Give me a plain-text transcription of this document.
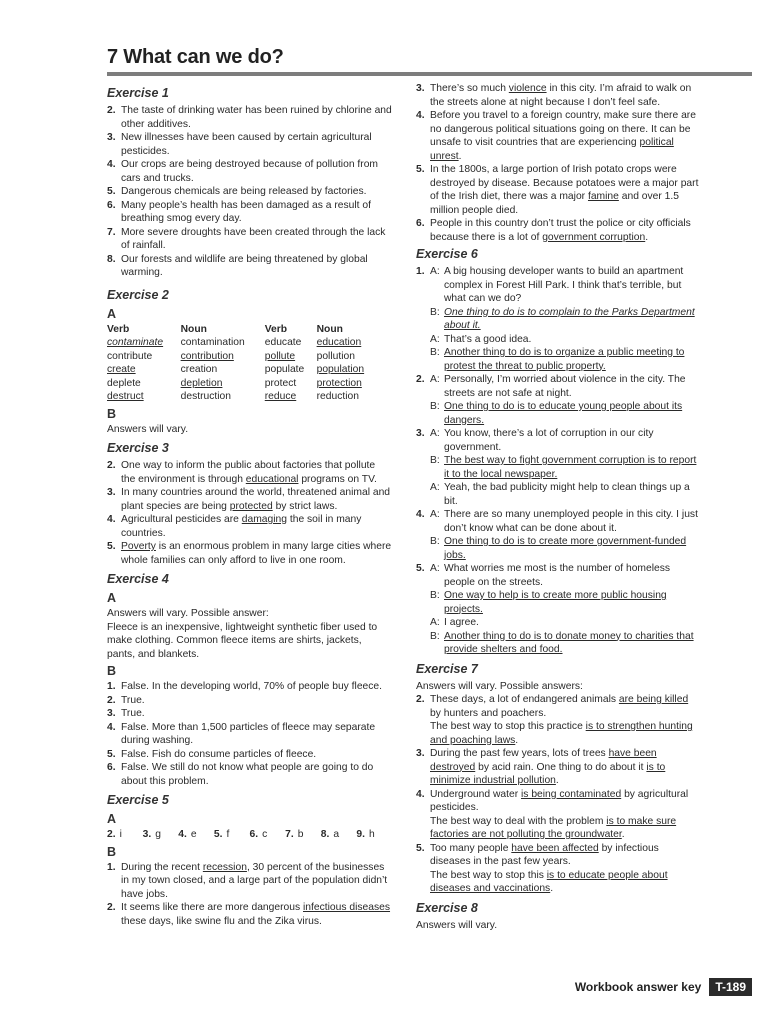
7 What can we do?
Exercise 1
2. The taste of drinking water has been ruined by chlorine and other additives.
3. New illnesses have been caused by certain agricultural pesticides.
4. Our crops are being destroyed because of pollution from cars and trucks.
5. Dangerous chemicals are being released by factories.
6. Many people’s health has been damaged as a result of breathing smog every day.
7. More severe droughts have been created through the lack of rainfall.
8. Our forests and wildlife are being threatened by global warming.
Exercise 2
A
Verb	Noun	Verb	Noun
contaminate	contamination	educate	education
contribute	contribution	pollute	pollution
create	creation	populate	population
deplete	depletion	protect	protection
destruct	destruction	reduce	reduction
B
Answers will vary.
Exercise 3
2. One way to inform the public about factories that pollute the environment is through educational programs on TV.
3. In many countries around the world, threatened animal and plant species are being protected by strict laws.
4. Agricultural pesticides are damaging the soil in many countries.
5. Poverty is an enormous problem in many large cities where whole families can only afford to live in one room.
Exercise 4
A
Answers will vary. Possible answer:
Fleece is an inexpensive, lightweight synthetic fiber used to make clothing. Common fleece items are shirts, jackets, pants, and blankets.
B
1. False. In the developing world, 70% of people buy fleece.
2. True.
3. True.
4. False. More than 1,500 particles of fleece may separate during washing.
5. False. Fish do consume particles of fleece.
6. False. We still do not know what people are going to do about this problem.
Exercise 5
A
2. i	3. g	4. e	5. f	6. c	7. b	8. a	9. h
B
1. During the recent recession, 30 percent of the businesses in my town closed, and a large part of the population didn’t have jobs.
2. It seems like there are more dangerous infectious diseases these days, like swine flu and the Zika virus.
3. There’s so much violence in this city. I’m afraid to walk on the streets alone at night because I don’t feel safe.
4. Before you travel to a foreign country, make sure there are no dangerous political situations going on there. It can be unsafe to visit countries that are experiencing political unrest.
5. In the 1800s, a large portion of Irish potato crops were destroyed by disease. Because potatoes were a major part of the Irish diet, there was a major famine and over 1.5 million people died.
6. People in this country don’t trust the police or city officials because there is a lot of government corruption.
Exercise 6
1. A: A big housing developer wants to build an apartment complex in Forest Hill Park. I think that’s terrible, but what can we do?
B: One thing to do is to complain to the Parks Department about it.
A: That’s a good idea.
B: Another thing to do is to organize a public meeting to protest the threat to public property.
2. A: Personally, I’m worried about violence in the city. The streets are not safe at night.
B: One thing to do is to educate young people about its dangers.
3. A: You know, there’s a lot of corruption in our city government.
B: The best way to fight government corruption is to report it to the local newspaper.
A: Yeah, the bad publicity might help to clean things up a bit.
4. A: There are so many unemployed people in this city. I just don’t know what can be done about it.
B: One thing to do is to create more government-funded jobs.
5. A: What worries me most is the number of homeless people on the streets.
B: One way to help is to create more public housing projects.
A: I agree.
B: Another thing to do is to donate money to charities that provide shelters and food.
Exercise 7
Answers will vary. Possible answers:
2. These days, a lot of endangered animals are being killed by hunters and poachers.
The best way to stop this practice is to strengthen hunting and poaching laws.
3. During the past few years, lots of trees have been destroyed by acid rain. One thing to do about it is to minimize industrial pollution.
4. Underground water is being contaminated by agricultural pesticides.
The best way to deal with the problem is to make sure factories are not polluting the groundwater.
5. Too many people have been affected by infectious diseases in the past few years.
The best way to stop this is to educate people about diseases and vaccinations.
Exercise 8
Answers will vary.
Workbook answer key	T-189
